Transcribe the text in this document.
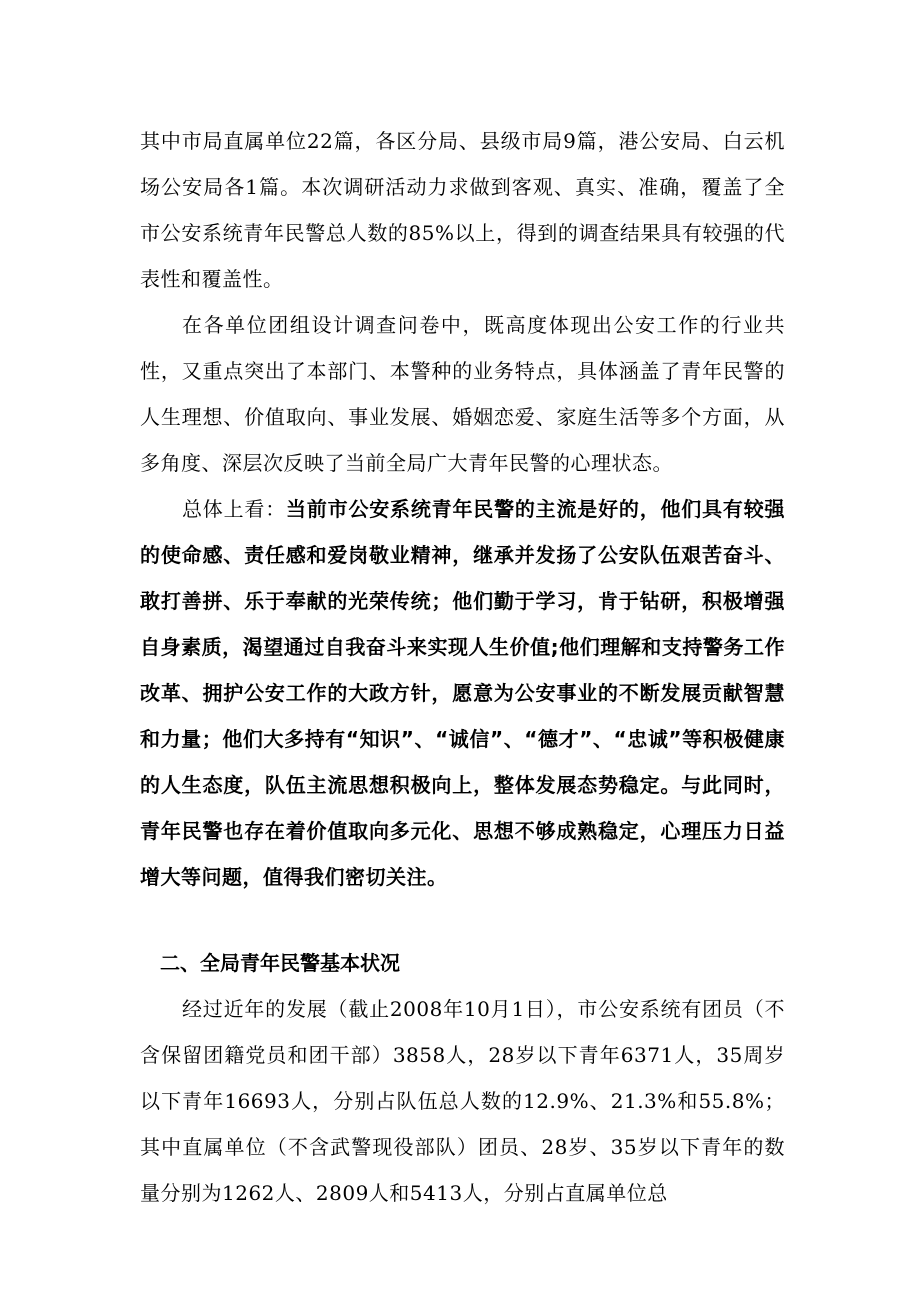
其中市局直属单位22篇，各区分局、县级市局9篇，港公安局、白云机场公安局各1篇。本次调研活动力求做到客观、真实、准确，覆盖了全市公安系统青年民警总人数的85%以上，得到的调查结果具有较强的代表性和覆盖性。

在各单位团组设计调查问卷中，既高度体现出公安工作的行业共性，又重点突出了本部门、本警种的业务特点，具体涵盖了青年民警的人生理想、价值取向、事业发展、婚姻恋爱、家庭生活等多个方面，从多角度、深层次反映了当前全局广大青年民警的心理状态。

总体上看：当前市公安系统青年民警的主流是好的，他们具有较强的使命感、责任感和爱岗敬业精神，继承并发扬了公安队伍艰苦奋斗、敢打善拼、乐于奉献的光荣传统；他们勤于学习，肯于钻研，积极增强自身素质，渴望通过自我奋斗来实现人生价值;他们理解和支持警务工作改革、拥护公安工作的大政方针，愿意为公安事业的不断发展贡献智慧和力量；他们大多持有“知识”、“诚信”、“德才”、“忠诚”等积极健康的人生态度，队伍主流思想积极向上，整体发展态势稳定。与此同时，青年民警也存在着价值取向多元化、思想不够成熟稳定，心理压力日益增大等问题，值得我们密切关注。

二、全局青年民警基本状况

经过近年的发展（截止2008年10月1日），市公安系统有团员（不含保留团籍党员和团干部）3858人，28岁以下青年6371人，35周岁以下青年16693人，分别占队伍总人数的12.9%、21.3%和55.8%；其中直属单位（不含武警现役部队）团员、28岁、35岁以下青年的数量分别为1262人、2809人和5413人，分别占直属单位总
